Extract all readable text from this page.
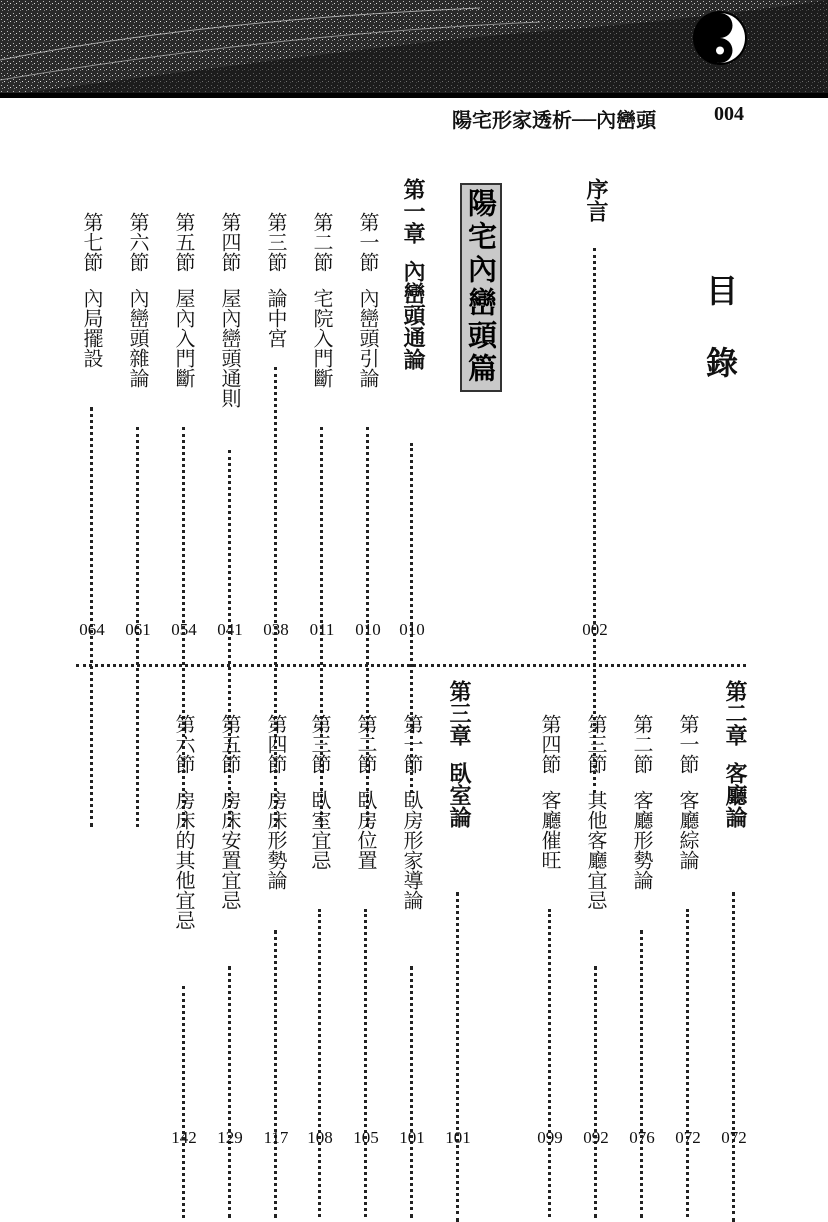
陽宅形家透析──內巒頭	004
目
錄
陽宅內巒頭篇	序言
002
第一章內巒頭通論
010
第一節內巒頭引論
010
第二節宅院入門斷
011
第三節論中宮
038
第四節屋內巒頭通則
041
第五節屋內入門斷
054
第六節內巒頭雜論
061
第七節內局擺設
064
第二章客廳論
072
第一節客廳綜論
072
第二節客廳形勢論
076
第三節其他客廳宜忌
092
第四節客廳催旺
099
第三章臥室論
101
第一節臥房形家導論
101
第二節臥房位置
105
第三節臥室宜忌
108
第四節房床形勢論
117
第五節房床安置宜忌
129
第六節房床的其他宜忌
142
